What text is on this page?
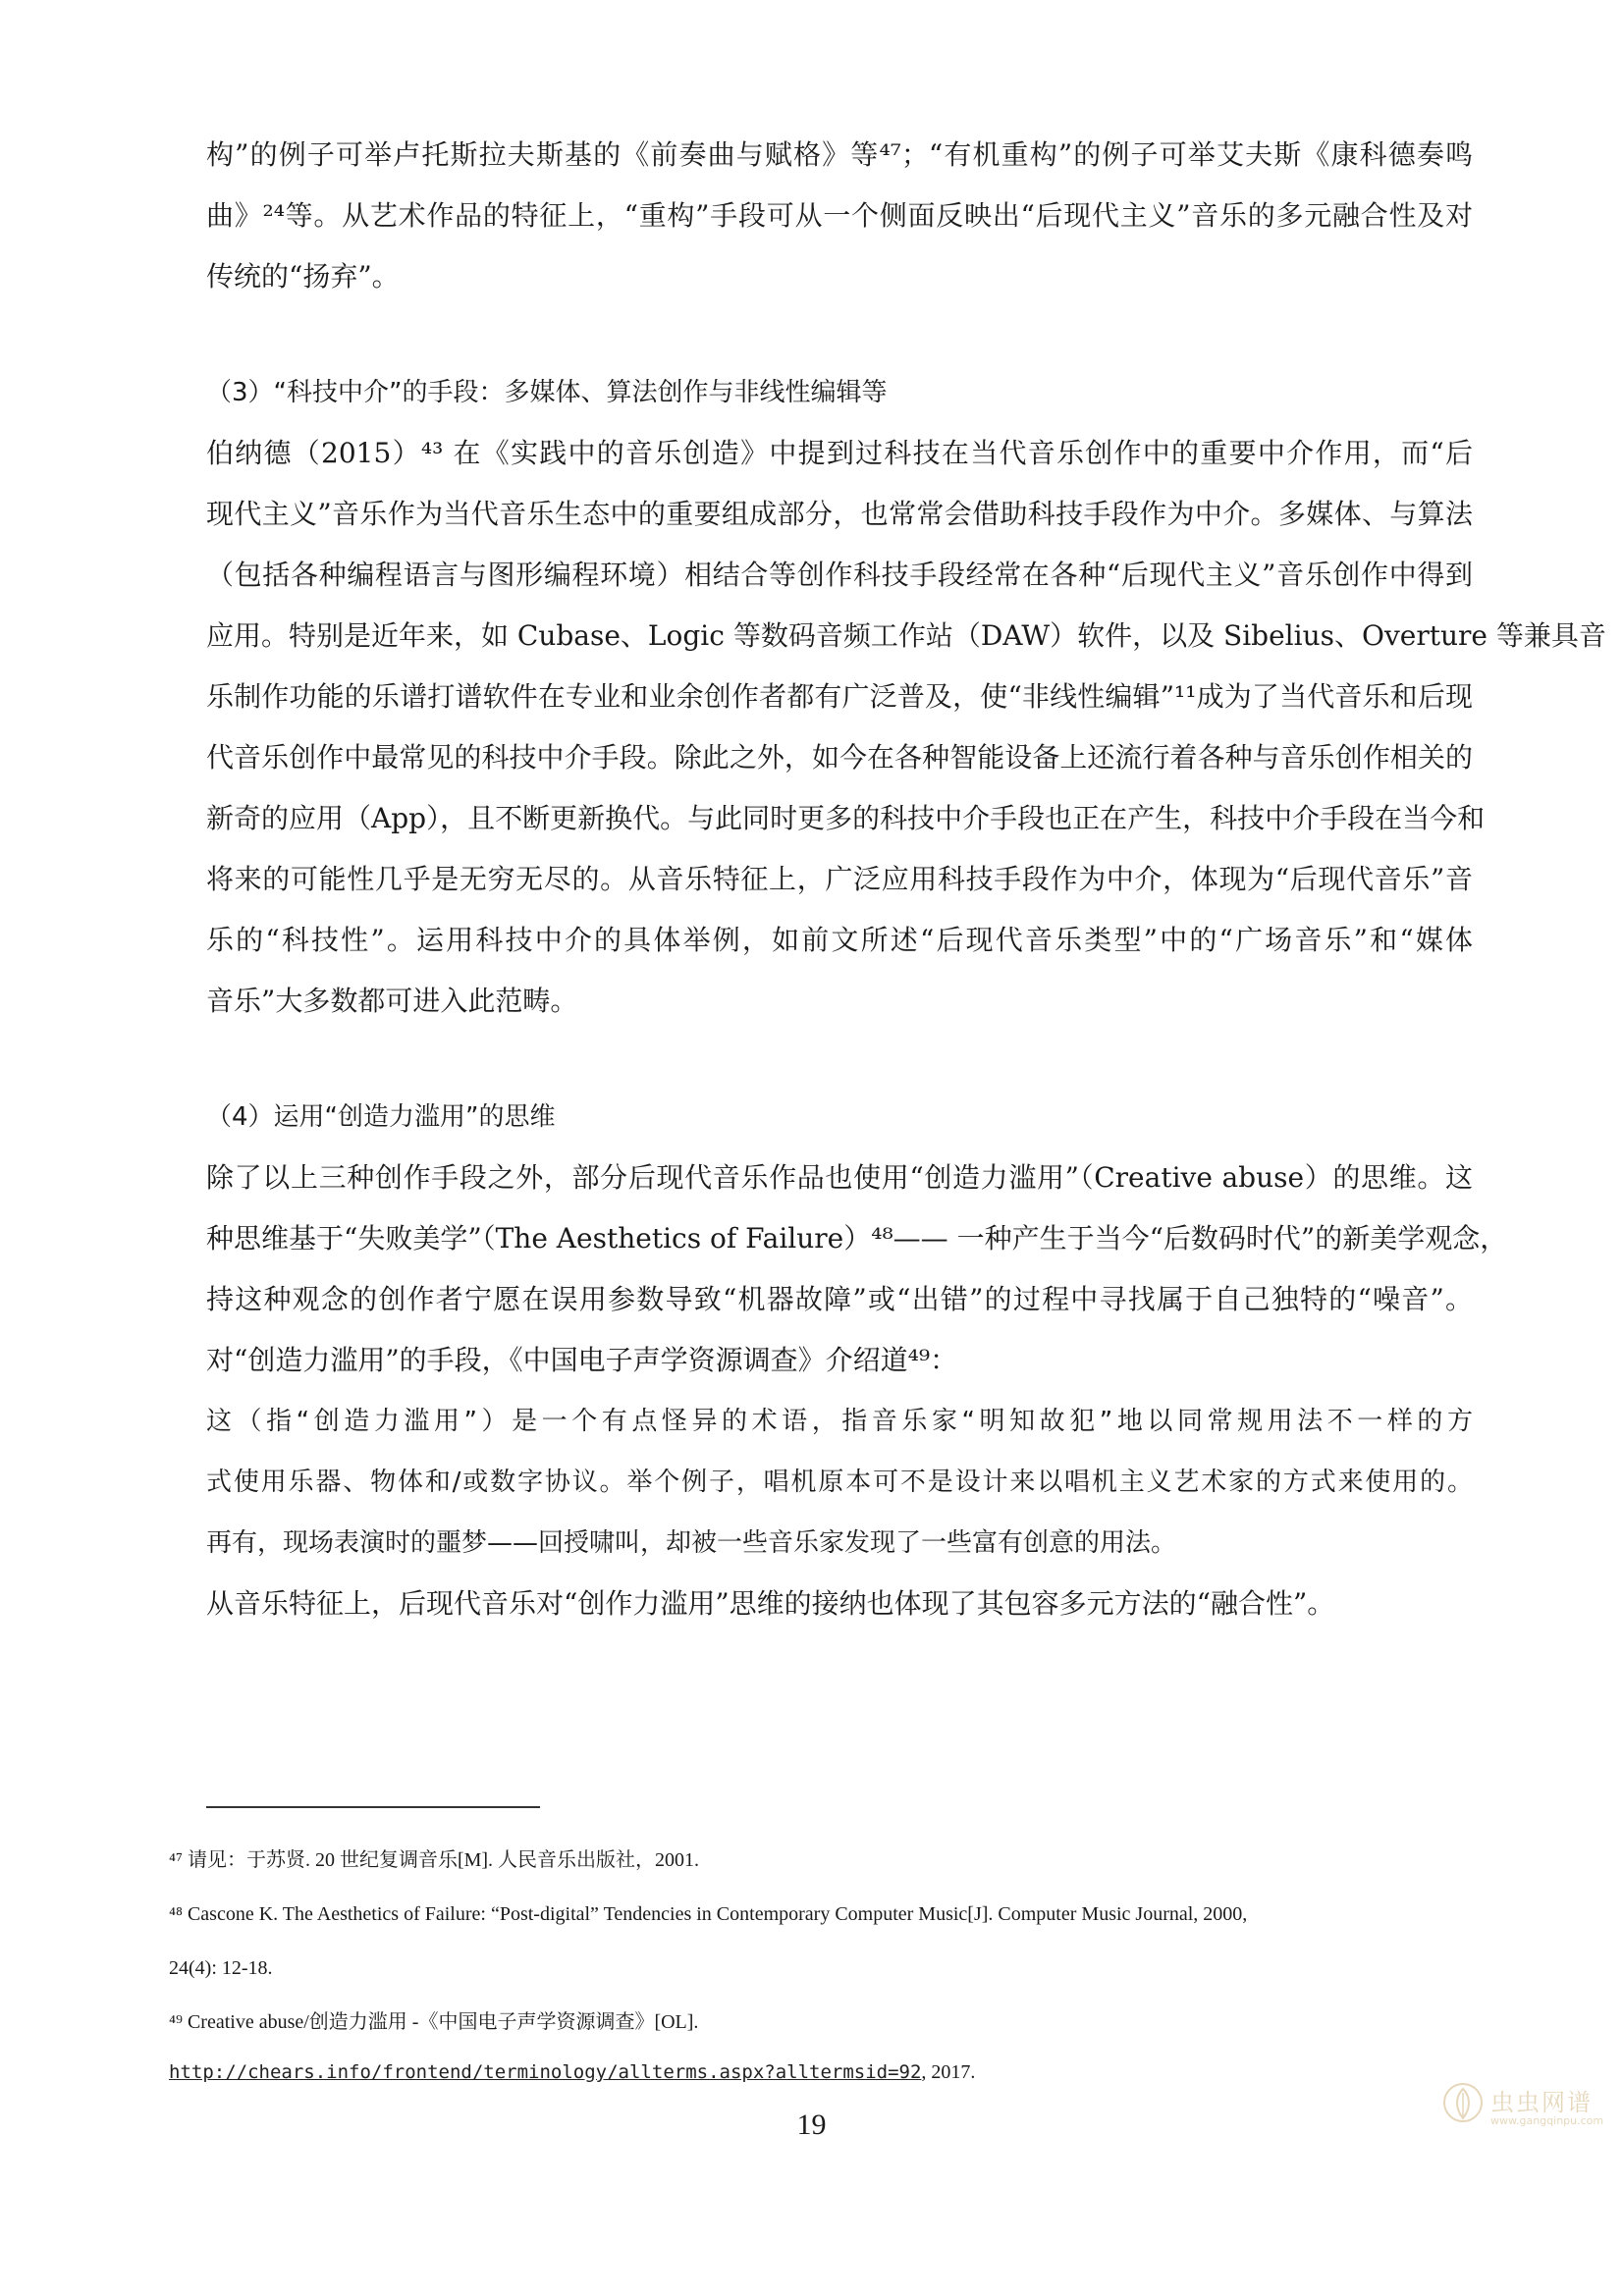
构”的例子可举卢托斯拉夫斯基的《前奏曲与赋格》等⁴⁷；“有机重构”的例子可举艾夫斯《康科德奏鸣
曲》²⁴等。从艺术作品的特征上，“重构”手段可从一个侧面反映出“后现代主义”音乐的多元融合性及对
传统的“扬弃”。
（3）“科技中介”的手段：多媒体、算法创作与非线性编辑等
伯纳德（2015）⁴³ 在《实践中的音乐创造》中提到过科技在当代音乐创作中的重要中介作用，而“后
现代主义”音乐作为当代音乐生态中的重要组成部分，也常常会借助科技手段作为中介。多媒体、与算法
（包括各种编程语言与图形编程环境）相结合等创作科技手段经常在各种“后现代主义”音乐创作中得到
应用。特别是近年来，如 Cubase、Logic 等数码音频工作站（DAW）软件，以及 Sibelius、Overture 等兼具音
乐制作功能的乐谱打谱软件在专业和业余创作者都有广泛普及，使“非线性编辑”¹¹成为了当代音乐和后现
代音乐创作中最常见的科技中介手段。除此之外，如今在各种智能设备上还流行着各种与音乐创作相关的
新奇的应用（App），且不断更新换代。与此同时更多的科技中介手段也正在产生，科技中介手段在当今和
将来的可能性几乎是无穷无尽的。从音乐特征上，广泛应用科技手段作为中介，体现为“后现代音乐”音
乐的“科技性”。运用科技中介的具体举例，如前文所述“后现代音乐类型”中的“广场音乐”和“媒体
音乐”大多数都可进入此范畴。
（4）运用“创造力滥用”的思维
除了以上三种创作手段之外，部分后现代音乐作品也使用“创造力滥用”（Creative abuse）的思维。这
种思维基于“失败美学”（The Aesthetics of Failure）⁴⁸—— 一种产生于当今“后数码时代”的新美学观念，
持这种观念的创作者宁愿在误用参数导致“机器故障”或“出错”的过程中寻找属于自己独特的“噪音”。
对“创造力滥用”的手段，《中国电子声学资源调查》介绍道⁴⁹：
这（指“创造力滥用”）是一个有点怪异的术语，指音乐家“明知故犯”地以同常规用法不一样的方
式使用乐器、物体和/或数字协议。举个例子，唱机原本可不是设计来以唱机主义艺术家的方式来使用的。
再有，现场表演时的噩梦——回授啸叫，却被一些音乐家发现了一些富有创意的用法。
从音乐特征上，后现代音乐对“创作力滥用”思维的接纳也体现了其包容多元方法的“融合性”。
⁴⁷ 请见：于苏贤. 20 世纪复调音乐[M]. 人民音乐出版社，2001.
⁴⁸ Cascone K. The Aesthetics of Failure: “Post-digital” Tendencies in Contemporary Computer Music[J]. Computer Music Journal, 2000,
24(4): 12-18.
⁴⁹ Creative abuse/创造力滥用 -《中国电子声学资源调查》[OL].
http://chears.info/frontend/terminology/allterms.aspx?alltermsid=92, 2017.
19
虫虫网谱
www.gangqinpu.com
